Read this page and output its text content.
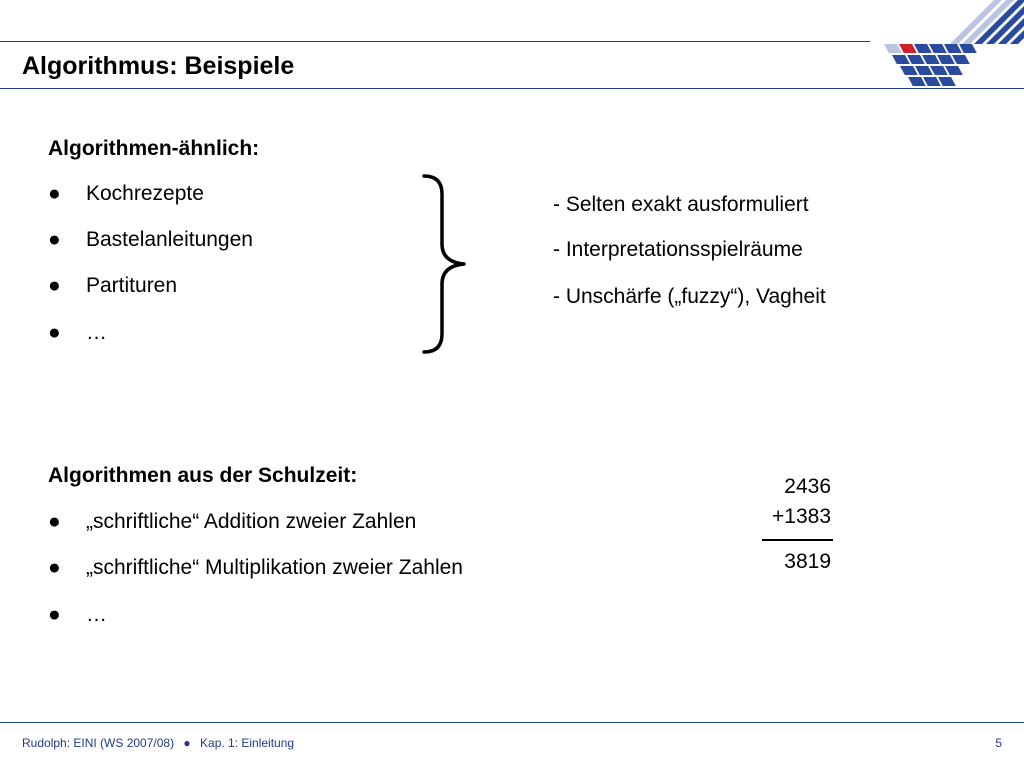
Algorithmus: Beispiele
Algorithmen-ähnlich:
● Kochrezepte
● Bastelanleitungen
● Partituren
● …
- Selten exakt ausformuliert
- Interpretationsspielräume
- Unschärfe („fuzzy“), Vagheit
Algorithmen aus der Schulzeit:
● „schriftliche“ Addition zweier Zahlen
● „schriftliche“ Multiplikation zweier Zahlen
● …
2436
+1383
3819
Rudolph: EINI (WS 2007/08) ● Kap. 1: Einleitung	5
